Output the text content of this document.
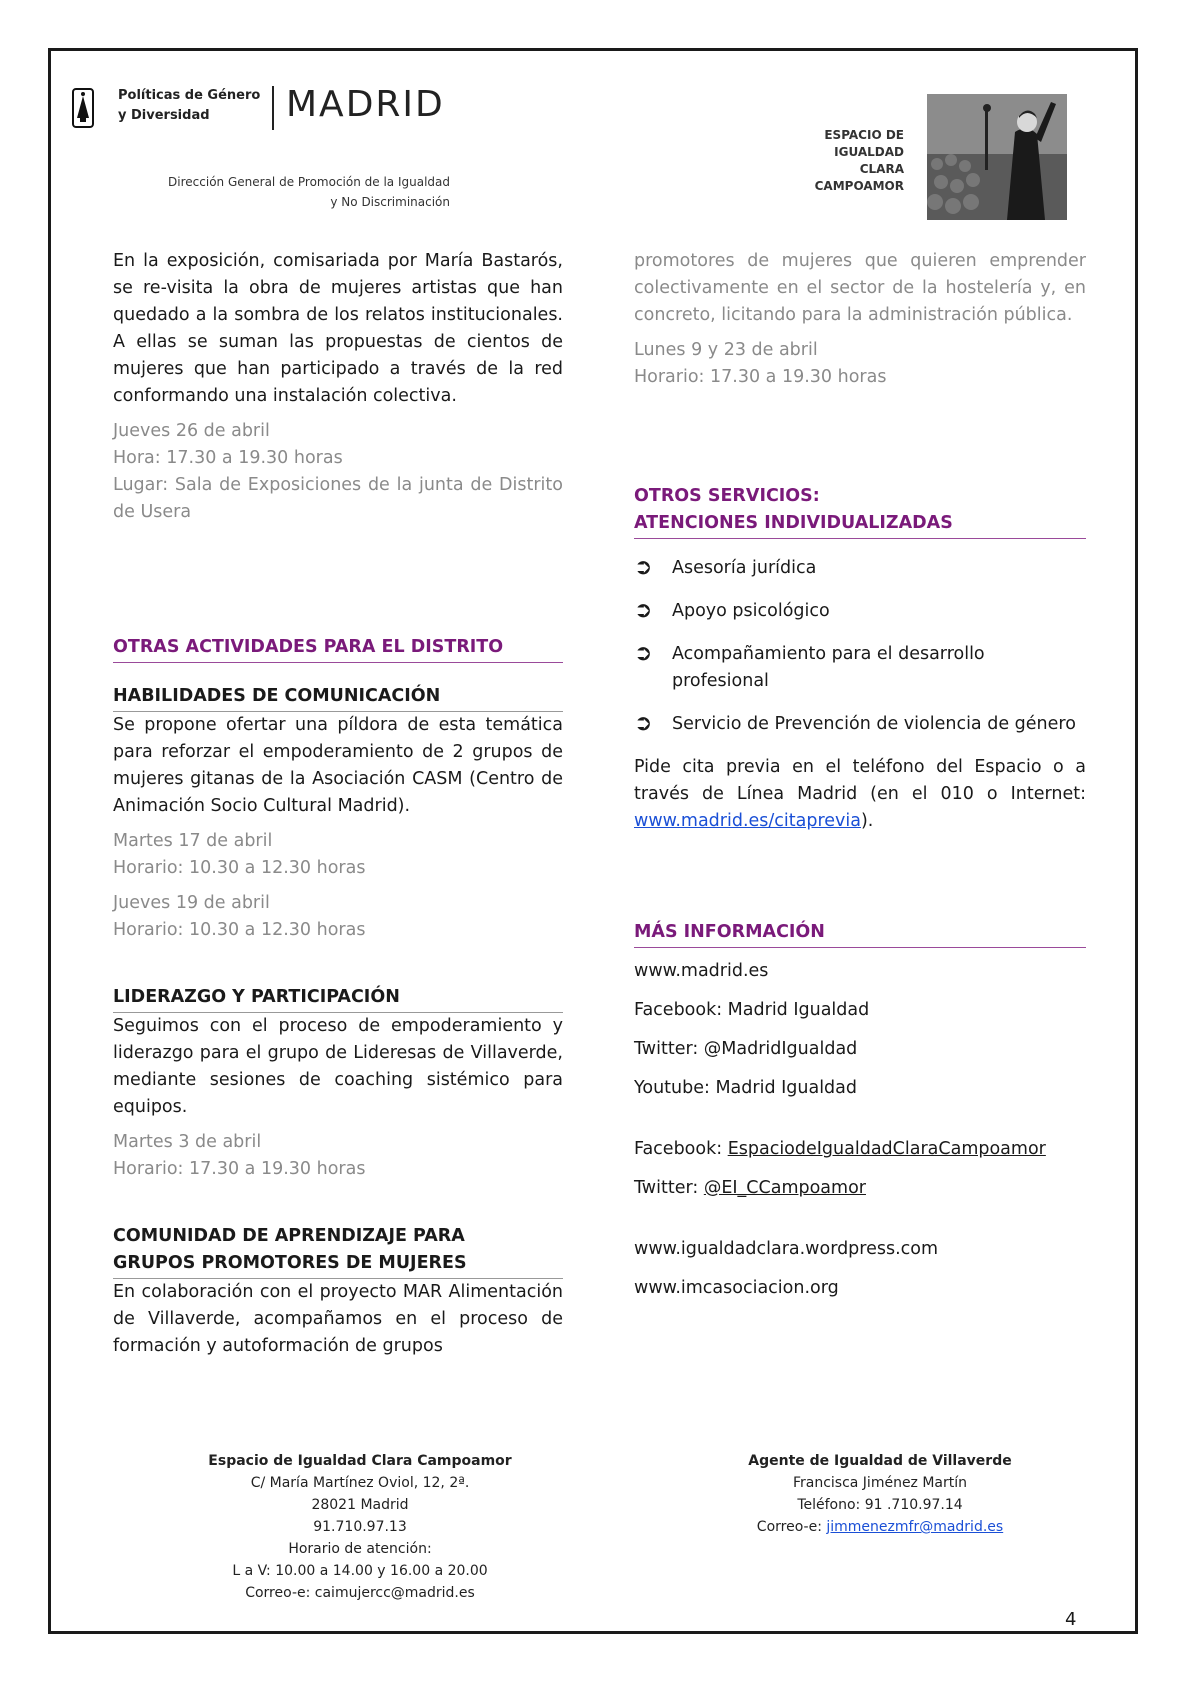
Políticas de Género
y Diversidad	MADRID
Dirección General de Promoción de la Igualdad
y No Discriminación
ESPACIO DE
IGUALDAD
CLARA
CAMPOAMOR

En la exposición, comisariada por María Bastarós, se re-visita la obra de mujeres artistas que han quedado a la sombra de los relatos institucionales. A ellas se suman las propuestas de cientos de mujeres que han participado a través de la red conformando una instalación colectiva.

Jueves 26 de abril

Hora: 17.30 a 19.30 horas

Lugar: Sala de Exposiciones de la junta de Distrito de Usera

OTRAS ACTIVIDADES PARA EL DISTRITO
HABILIDADES DE COMUNICACIÓN

Se propone ofertar una píldora de esta temática para reforzar el empoderamiento de 2 grupos de mujeres gitanas de la Asociación CASM (Centro de Animación Socio Cultural Madrid).

Martes 17 de abril

Horario: 10.30 a 12.30 horas

Jueves 19 de abril

Horario: 10.30 a 12.30 horas

LIDERAZGO Y PARTICIPACIÓN

Seguimos con el proceso de empoderamiento y liderazgo para el grupo de Lideresas de Villaverde, mediante sesiones de coaching sistémico para equipos.

Martes 3 de abril

Horario: 17.30 a 19.30 horas

COMUNIDAD DE APRENDIZAJE PARA
GRUPOS PROMOTORES DE MUJERES

En colaboración con el proyecto MAR Alimentación de Villaverde, acompañamos en el proceso de formación y autoformación de grupos

promotores de mujeres que quieren emprender colectivamente en el sector de la hostelería y, en concreto, licitando para la administración pública.

Lunes 9 y 23 de abril

Horario: 17.30 a 19.30 horas

OTROS SERVICIOS:
ATENCIONES INDIVIDUALIZADAS
➲	Asesoría jurídica
➲	Apoyo psicológico
➲	Acompañamiento para el desarrollo profesional
➲	Servicio de Prevención de violencia de género

Pide cita previa en el teléfono del Espacio o a través de Línea Madrid (en el 010 o Internet: www.madrid.es/citaprevia).

MÁS INFORMACIÓN
www.madrid.es
Facebook: Madrid Igualdad
Twitter: @MadridIgualdad
Youtube: Madrid Igualdad
Facebook: EspaciodeIgualdadClaraCampoamor
Twitter: @EI_CCampoamor
www.igualdadclara.wordpress.com
www.imcasociacion.org
Espacio de Igualdad Clara Campoamor
C/ María Martínez Oviol, 12, 2ª.
28021 Madrid
91.710.97.13
Horario de atención:
L a V: 10.00 a 14.00 y 16.00 a 20.00
Correo-e: caimujercc@madrid.es
Agente de Igualdad de Villaverde
Francisca Jiménez Martín
Teléfono: 91 .710.97.14
Correo-e: jimmenezmfr@madrid.es
4
